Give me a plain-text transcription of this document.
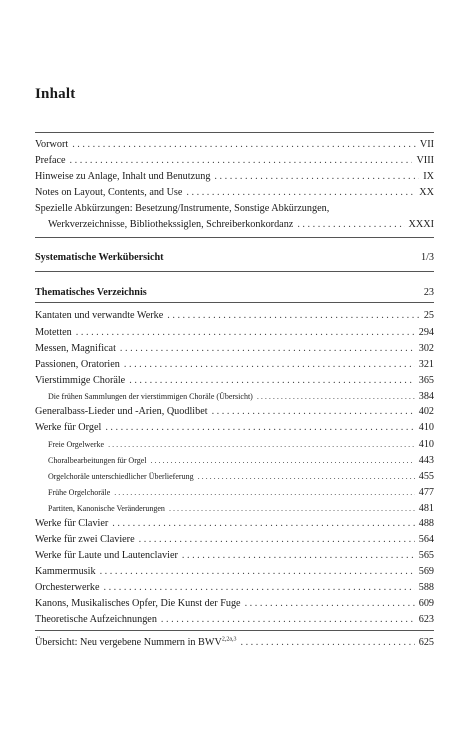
Inhalt
Vorwort . . .	VII
Preface . . .	VIII
Hinweise zu Anlage, Inhalt und Benutzung . . .	IX
Notes on Layout, Contents, and Use . . .	XX
Spezielle Abkürzungen: Besetzung/Instrumente, Sonstige Abkürzungen,
Werkverzeichnisse, Bibliothekssiglen, Schreiberkonkordanz . . .	XXXI
Systematische Werkübersicht	1/3
Thematisches Verzeichnis	23
Kantaten und verwandte Werke . . .	25
Motetten . . .	294
Messen, Magnificat . . .	302
Passionen, Oratorien . . .	321
Vierstimmige Choräle . . .	365
Die frühen Sammlungen der vierstimmigen Choräle (Übersicht) . . .	384
Generalbass-Lieder und -Arien, Quodlibet . . .	402
Werke für Orgel . . .	410
Freie Orgelwerke . . .	410
Choralbearbeitungen für Orgel . . .	443
Orgelchoräle unterschiedlicher Überlieferung . . .	455
Frühe Orgelchoräle . . .	477
Partiten, Kanonische Veränderungen . . .	481
Werke für Clavier . . .	488
Werke für zwei Claviere . . .	564
Werke für Laute und Lautenclavier . . .	565
Kammermusik . . .	569
Orchesterwerke . . .	588
Kanons, Musikalisches Opfer, Die Kunst der Fuge . . .	609
Theoretische Aufzeichnungen . . .	623
Übersicht: Neu vergebene Nummern in $BWV^{2,2a,3}$ . . .	625
